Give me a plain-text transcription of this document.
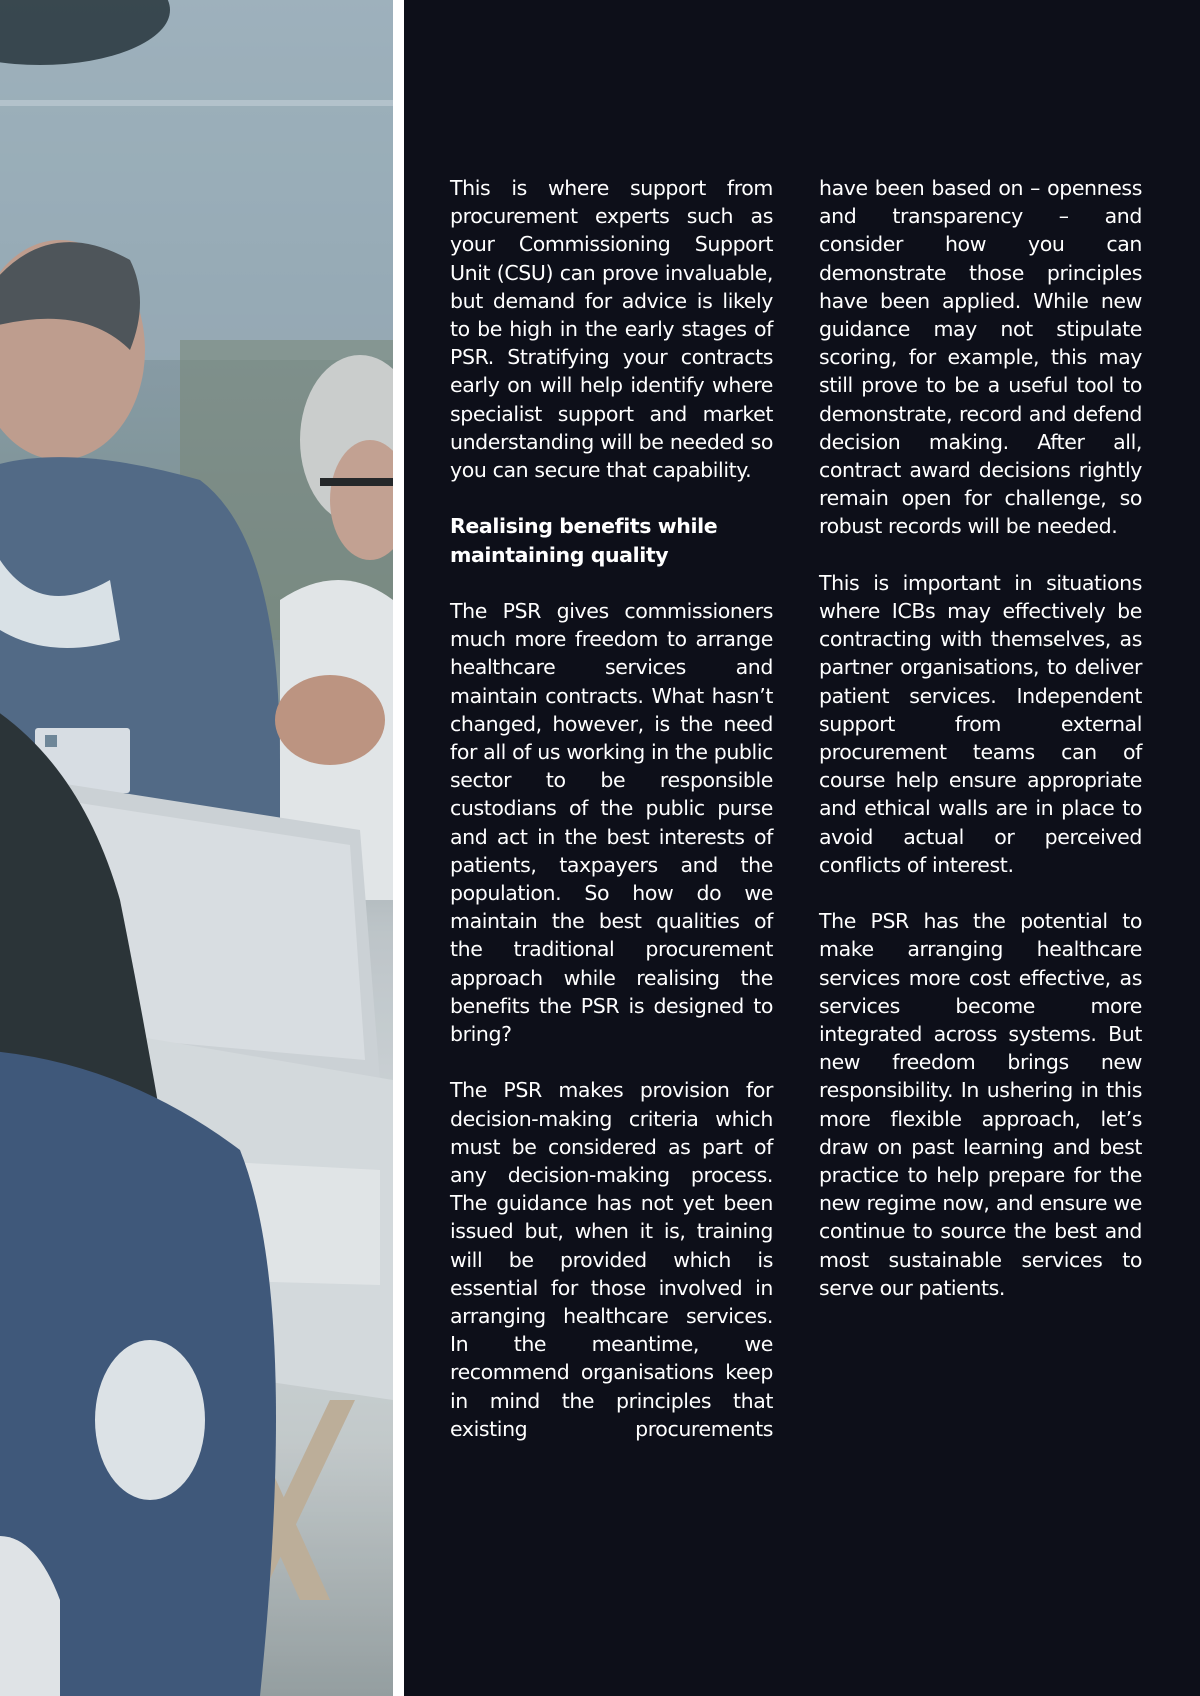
This is where support from procurement experts such as your Commissioning Support Unit (CSU) can prove invaluable, but demand for advice is likely to be high in the early stages of PSR. Stratifying your contracts early on will help identify where specialist support and market understanding will be needed so you can secure that capability.

Realising benefits while maintaining quality

The PSR gives commissioners much more freedom to arrange healthcare services and maintain contracts. What hasn’t changed, however, is the need for all of us working in the public sector to be responsible custodians of the public purse and act in the best interests of patients, taxpayers and the population. So how do we maintain the best qualities of the traditional procurement approach while realising the benefits the PSR is designed to bring?

The PSR makes provision for decision-making criteria which must be considered as part of any decision-making process. The guidance has not yet been issued but, when it is, training will be provided which is essential for those involved in arranging healthcare services. In the meantime, we recommend organisations keep in mind the principles that existing procurements

have been based on – openness and transparency – and consider how you can demonstrate those principles have been applied. While new guidance may not stipulate scoring, for example, this may still prove to be a useful tool to demonstrate, record and defend decision making. After all, contract award decisions rightly remain open for challenge, so robust records will be needed.

This is important in situations where ICBs may effectively be contracting with themselves, as partner organisations, to deliver patient services. Independent support from external procurement teams can of course help ensure appropriate and ethical walls are in place to avoid actual or perceived conflicts of interest.

The PSR has the potential to make arranging healthcare services more cost effective, as services become more integrated across systems. But new freedom brings new responsibility. In ushering in this more flexible approach, let’s draw on past learning and best practice to help prepare for the new regime now, and ensure we continue to source the best and most sustainable services to serve our patients.
